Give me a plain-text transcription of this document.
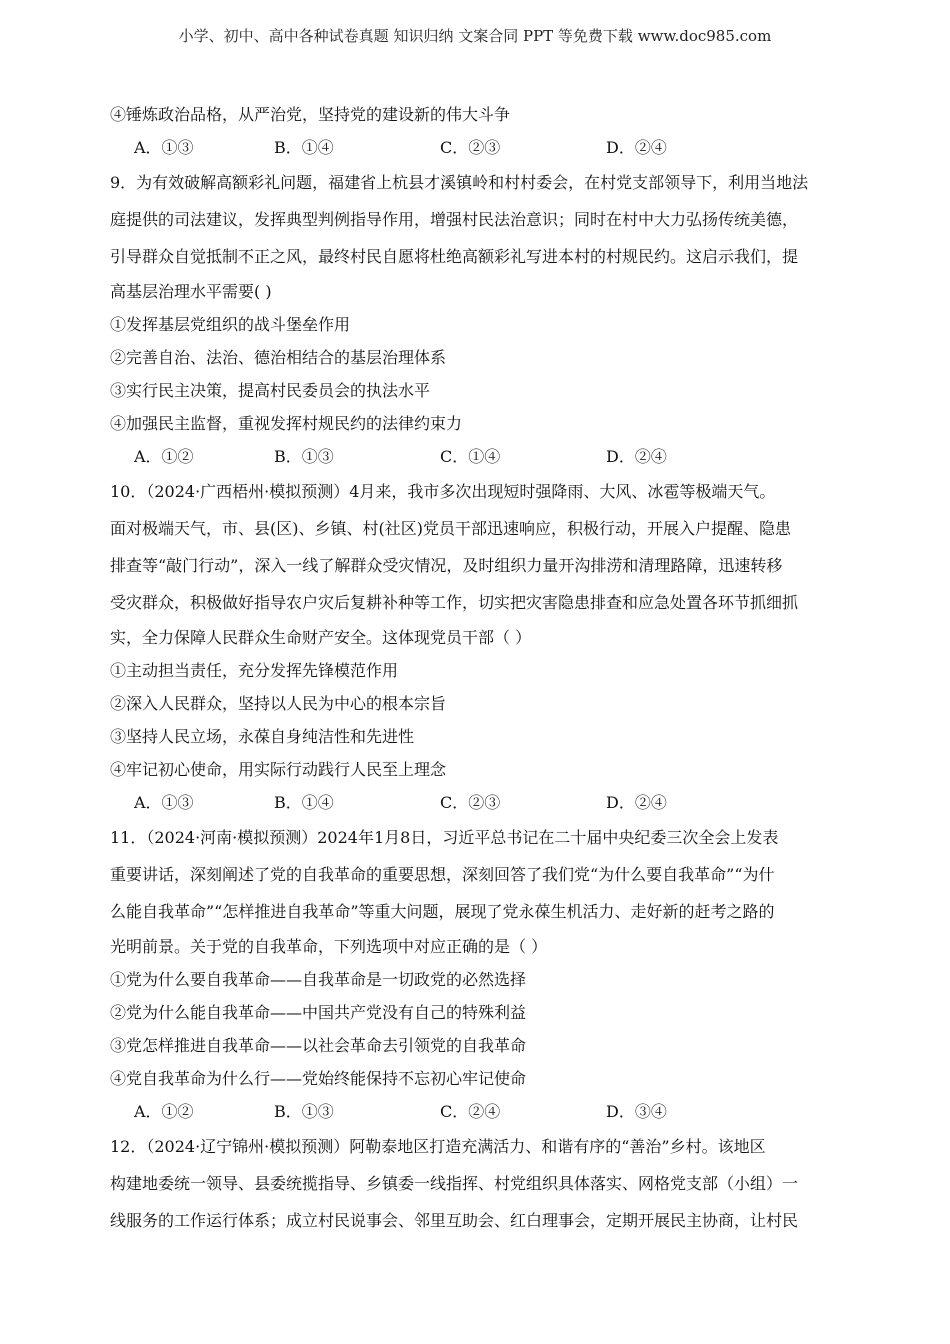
小学、初中、高中各种试卷真题 知识归纳 文案合同 PPT 等免费下载 www.doc985.com
④锤炼政治品格，从严治党，坚持党的建设新的伟大斗争
A．①③	B．①④	C．②③	D．②④
9．为有效破解高额彩礼问题，福建省上杭县才溪镇岭和村村委会，在村党支部领导下，利用当地法
庭提供的司法建议，发挥典型判例指导作用，增强村民法治意识；同时在村中大力弘扬传统美德，
引导群众自觉抵制不正之风，最终村民自愿将杜绝高额彩礼写进本村的村规民约。这启示我们，提
高基层治理水平需要( )
①发挥基层党组织的战斗堡垒作用
②完善自治、法治、德治相结合的基层治理体系
③实行民主决策，提高村民委员会的执法水平
④加强民主监督，重视发挥村规民约的法律约束力
A．①②	B．①③	C．①④	D．②④
10．（2024·广西梧州·模拟预测）4月来，我市多次出现短时强降雨、大风、冰雹等极端天气。
面对极端天气，市、县(区)、乡镇、村(社区)党员干部迅速响应，积极行动，开展入户提醒、隐患
排查等“敲门行动”，深入一线了解群众受灾情况，及时组织力量开沟排涝和清理路障，迅速转移
受灾群众，积极做好指导农户灾后复耕补种等工作，切实把灾害隐患排查和应急处置各环节抓细抓
实，全力保障人民群众生命财产安全。这体现党员干部（ ）
①主动担当责任，充分发挥先锋模范作用
②深入人民群众，坚持以人民为中心的根本宗旨
③坚持人民立场，永葆自身纯洁性和先进性
④牢记初心使命，用实际行动践行人民至上理念
A．①③	B．①④	C．②③	D．②④
11．（2024·河南·模拟预测）2024年1月8日，习近平总书记在二十届中央纪委三次全会上发表
重要讲话，深刻阐述了党的自我革命的重要思想，深刻回答了我们党“为什么要自我革命”“为什
么能自我革命”“怎样推进自我革命”等重大问题，展现了党永葆生机活力、走好新的赶考之路的
光明前景。关于党的自我革命，下列选项中对应正确的是（ ）
①党为什么要自我革命——自我革命是一切政党的必然选择
②党为什么能自我革命——中国共产党没有自己的特殊利益
③党怎样推进自我革命——以社会革命去引领党的自我革命
④党自我革命为什么行——党始终能保持不忘初心牢记使命
A．①②	B．①③	C．②④	D．③④
12．（2024·辽宁锦州·模拟预测）阿勒泰地区打造充满活力、和谐有序的“善治”乡村。该地区
构建地委统一领导、县委统揽指导、乡镇委一线指挥、村党组织具体落实、网格党支部（小组）一
线服务的工作运行体系；成立村民说事会、邻里互助会、红白理事会，定期开展民主协商，让村民
